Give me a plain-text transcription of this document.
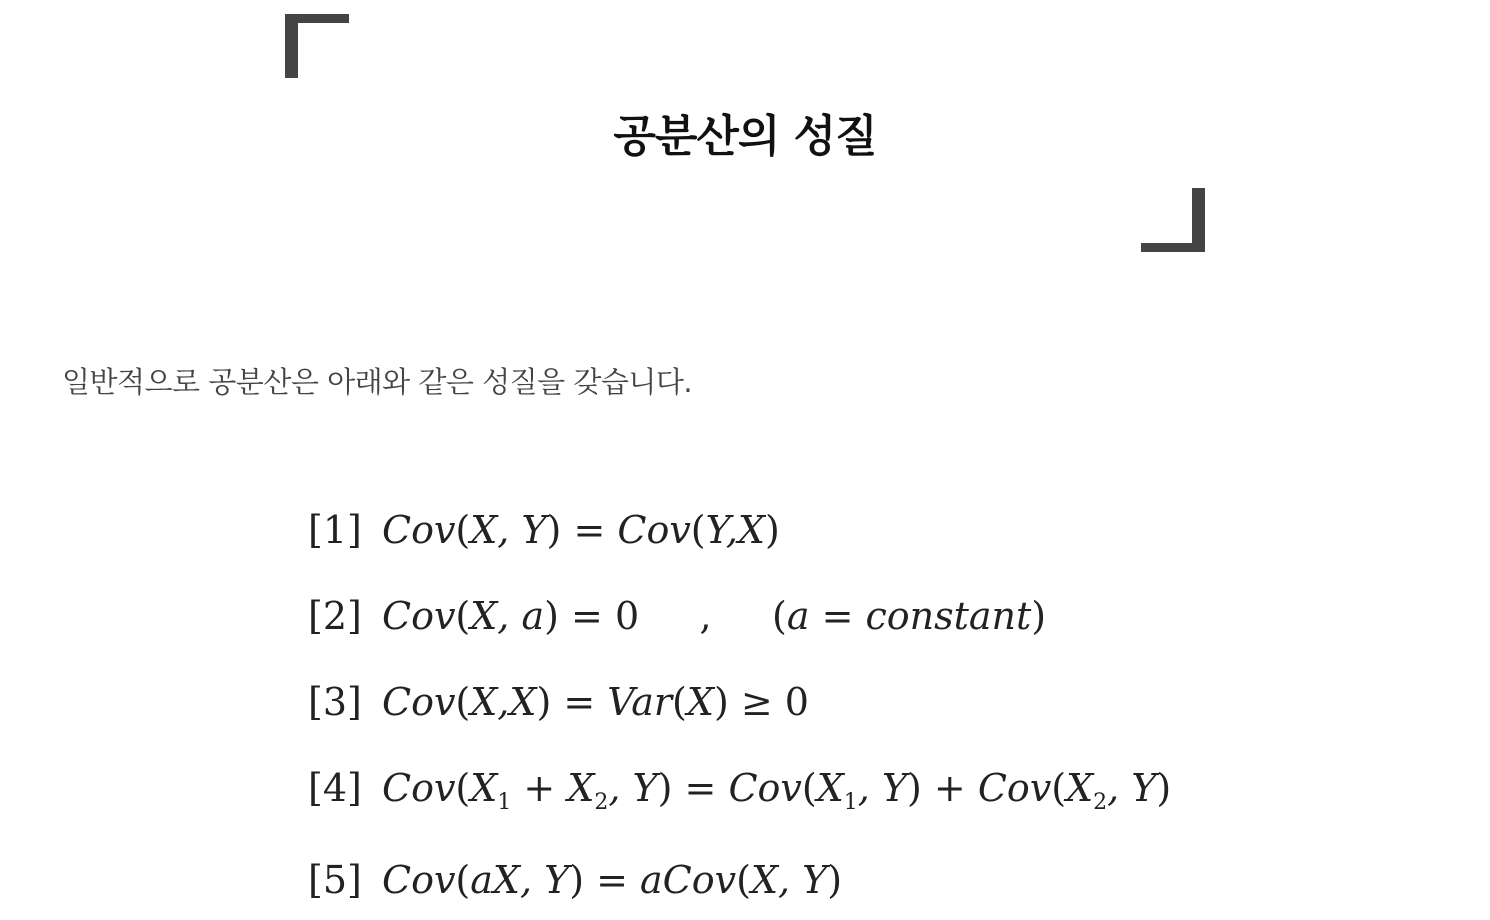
공분산의 성질
일반적으로 공분산은 아래와 같은 성질을 갖습니다.
[1] Cov(X, Y) = Cov(Y,X)
[2] Cov(X, a) = 0     ,     (a = constant)
[3] Cov(X,X) = Var(X) ≥ 0
[4] $Cov(X_1 + X_2$, $Y) = Cov(X_1$, $Y) + Cov(X_2$, Y)
[5] Cov(aX, Y) = aCov(X, Y)
